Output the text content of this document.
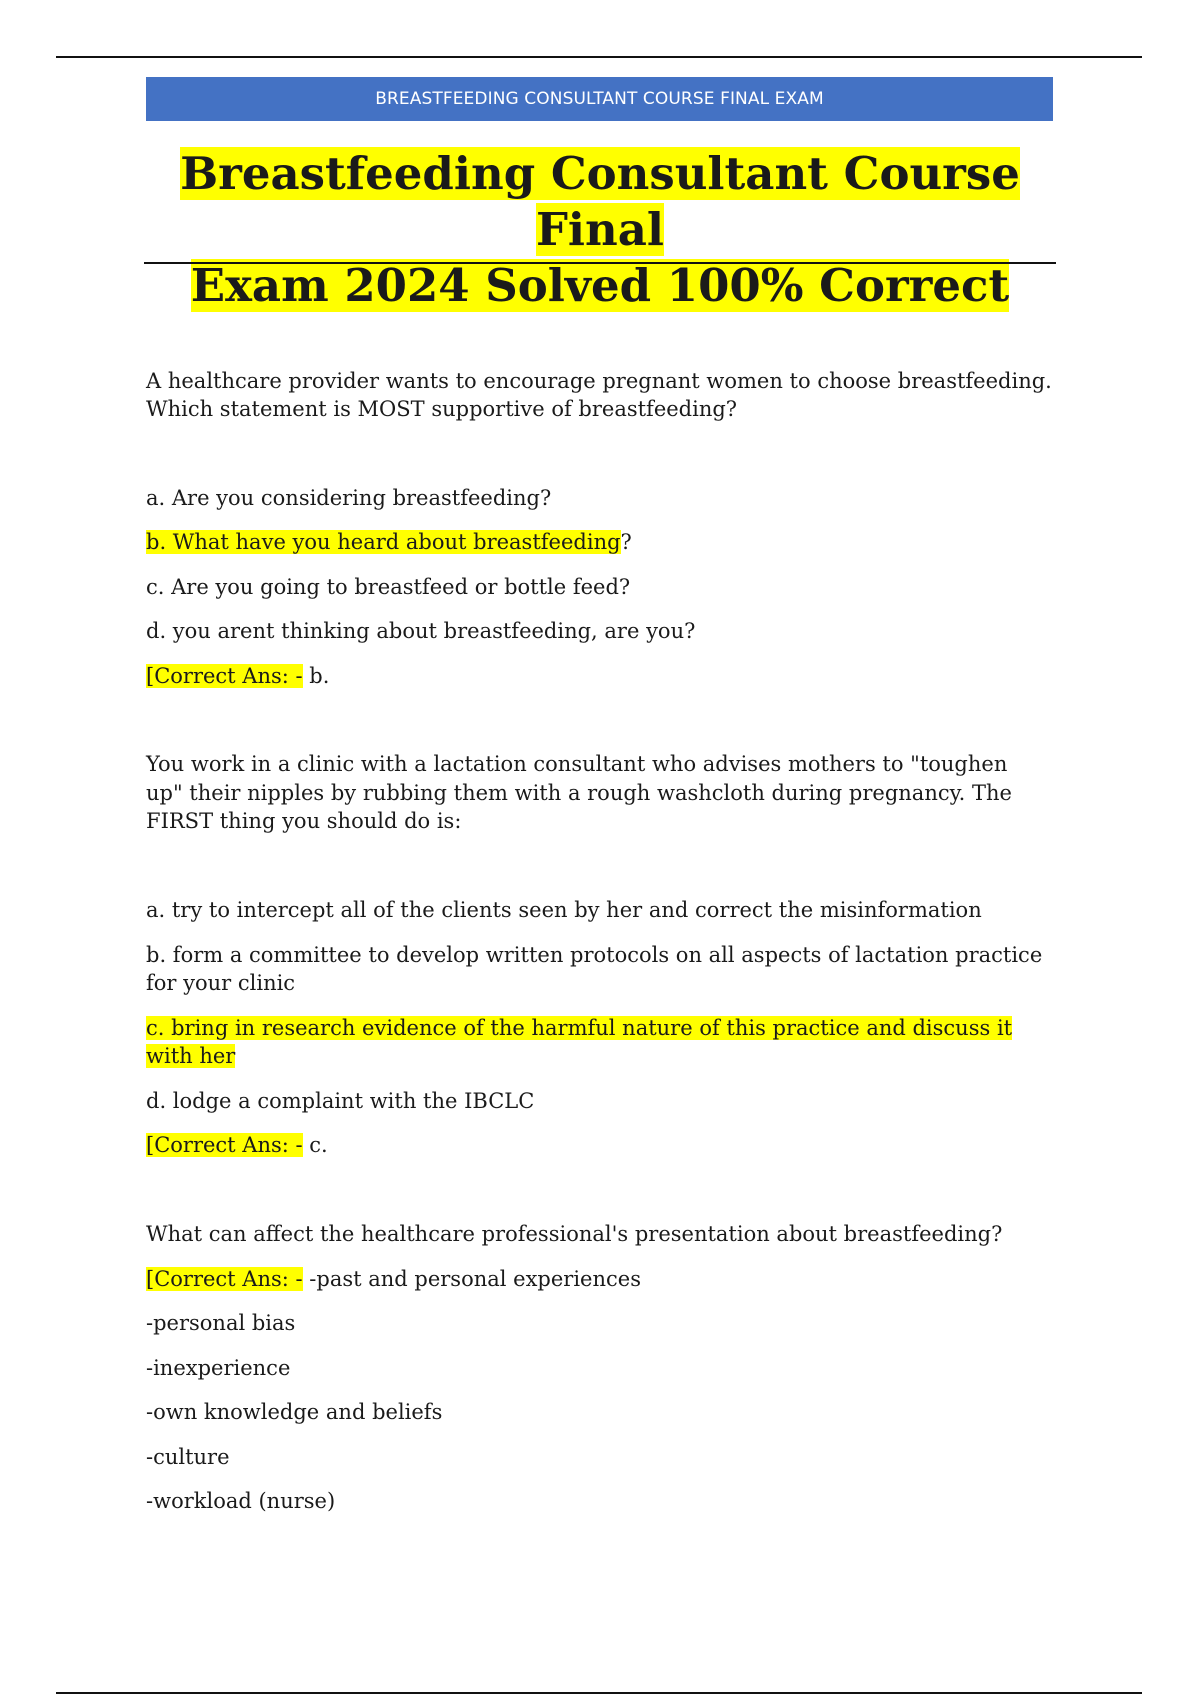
BREASTFEEDING CONSULTANT COURSE FINAL EXAM
Breastfeeding Consultant Course Final
Exam 2024 Solved 100% Correct
A healthcare provider wants to encourage pregnant women to choose breastfeeding.
Which statement is MOST supportive of breastfeeding?
a. Are you considering breastfeeding?
b. What have you heard about breastfeeding?
c. Are you going to breastfeed or bottle feed?
d. you arent thinking about breastfeeding, are you?
[Correct Ans: - b.
You work in a clinic with a lactation consultant who advises mothers to "toughen
up" their nipples by rubbing them with a rough washcloth during pregnancy. The
FIRST thing you should do is:
a. try to intercept all of the clients seen by her and correct the misinformation
b. form a committee to develop written protocols on all aspects of lactation practice
for your clinic
c. bring in research evidence of the harmful nature of this practice and discuss it
with her
d. lodge a complaint with the IBCLC
[Correct Ans: - c.
What can affect the healthcare professional's presentation about breastfeeding?
[Correct Ans: - -past and personal experiences
-personal bias
-inexperience
-own knowledge and beliefs
-culture
-workload (nurse)
